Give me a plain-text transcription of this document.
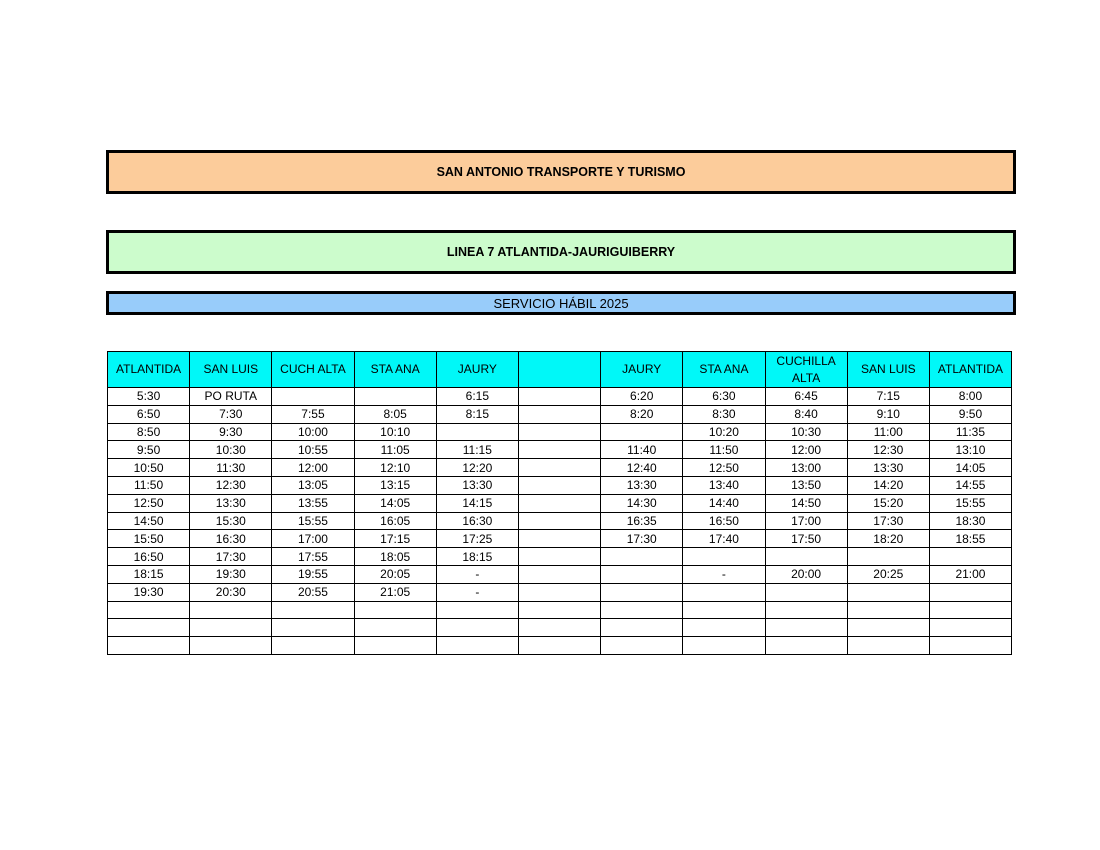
SAN ANTONIO TRANSPORTE Y TURISMO
LINEA 7 ATLANTIDA-JAURIGUIBERRY
SERVICIO HÁBIL 2025
ATLANTIDA	SAN LUIS	CUCH ALTA	STA ANA	JAURY		JAURY	STA ANA	CUCHILLA ALTA	SAN LUIS	ATLANTIDA
5:30	PO RUTA			6:15		6:20	6:30	6:45	7:15	8:00
6:50	7:30	7:55	8:05	8:15		8:20	8:30	8:40	9:10	9:50
8:50	9:30	10:00	10:10				10:20	10:30	11:00	11:35
9:50	10:30	10:55	11:05	11:15		11:40	11:50	12:00	12:30	13:10
10:50	11:30	12:00	12:10	12:20		12:40	12:50	13:00	13:30	14:05
11:50	12:30	13:05	13:15	13:30		13:30	13:40	13:50	14:20	14:55
12:50	13:30	13:55	14:05	14:15		14:30	14:40	14:50	15:20	15:55
14:50	15:30	15:55	16:05	16:30		16:35	16:50	17:00	17:30	18:30
15:50	16:30	17:00	17:15	17:25		17:30	17:40	17:50	18:20	18:55
16:50	17:30	17:55	18:05	18:15						
18:15	19:30	19:55	20:05	-			-	20:00	20:25	21:00
19:30	20:30	20:55	21:05	-						
